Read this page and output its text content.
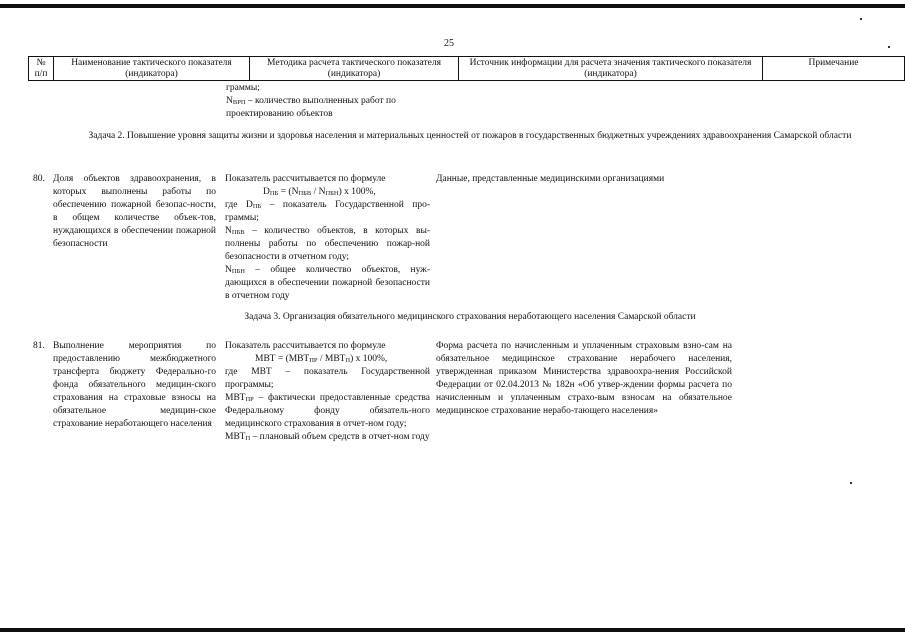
25
№
п/п
Наименование тактического показателя (индикатора)
Методика расчета тактического показателя (индикатора)
Источник информации для расчета значения тактического показателя (индикатора)
Примечание
граммы;
$N_{ВРП}$ – количество выполненных работ по
проектированию объектов
Задача 2. Повышение уровня защиты жизни и здоровья населения и материальных ценностей от пожаров в государственных бюджетных учреждениях здравоохранения Самарской области
80. Доля объектов здравоохранения, в которых выполнены работы по обеспечению пожарной безопас-ности, в общем количестве объек-тов, нуждающихся в обеспечении пожарной безопасности
Показатель рассчитывается по формуле
$D_{ПБ} = (N_{ПБВ} / N_{ПБН})$ x 100%,
где $D_{ПБ}$ – показатель Государственной про-граммы;
$N_{ПБВ}$ – количество объектов, в которых вы-полнены работы по обеспечению пожар-ной безопасности в отчетном году;
$N_{ПБН}$ – общее количество объектов, нуж-дающихся в обеспечении пожарной безопасности в отчетном году
Данные, представленные медицинскими организациями
Задача 3. Организация обязательного медицинского страхования неработающего населения Самарской области
81. Выполнение мероприятия по предоставлению межбюджетного трансферта бюджету Федерально-го фонда обязательного медицин-ского страхования на страховые взносы на обязательное медицин-ское страхование неработающего населения
Показатель рассчитывается по формуле
МВТ = $(МВТ_{ПР} / МВТ_П)$ x 100%,
где МВТ – показатель Государственной программы;
$МВТ_{ПР}$ – фактически предоставленные средства Федеральному фонду обязатель-ного медицинского страхования в отчет-ном году;
$МВТ_П$ – плановый объем средств в отчет-ном году
Форма расчета по начисленным и уплаченным страховым взно-сам на обязательное медицинское страхование нерабочего населения, утвержденная приказом Министерства здравоохра-нения Российской Федерации от 02.04.2013 № 182н «Об утвер-ждении формы расчета по начисленным и уплаченным страхо-вым взносам на обязательное медицинское страхование нерабо-тающего населения»
